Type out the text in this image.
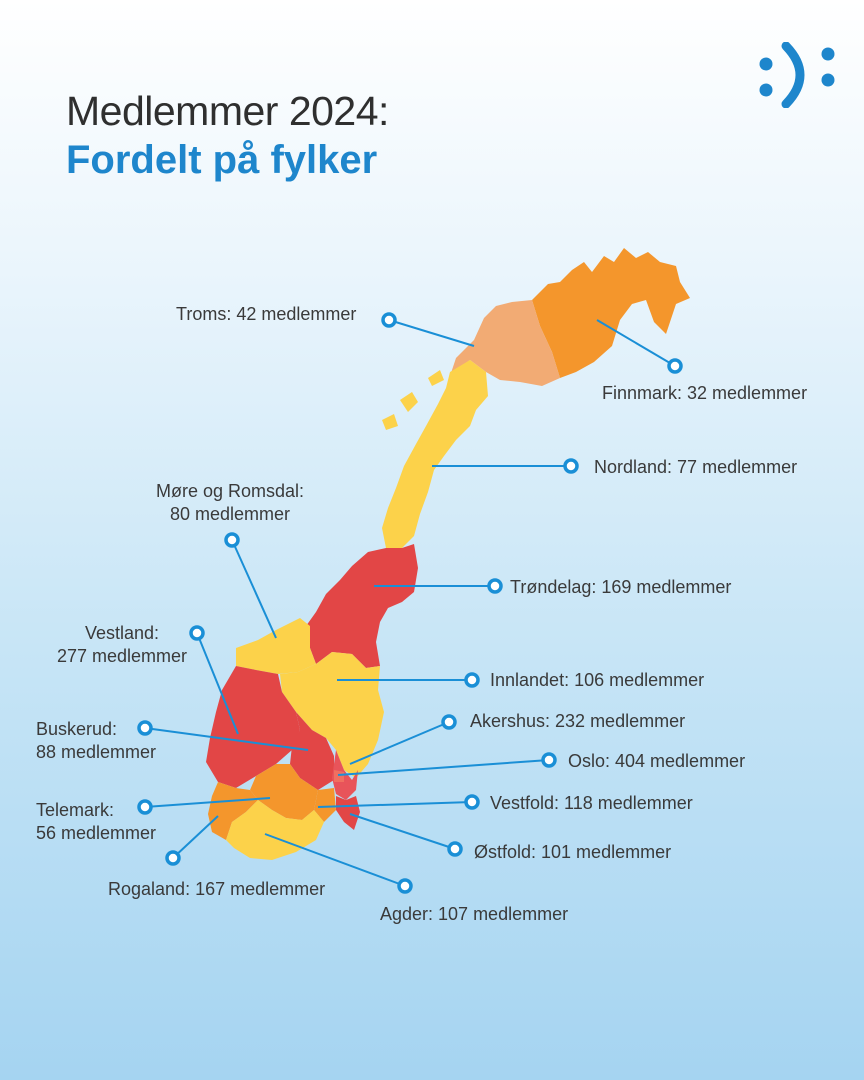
Medlemmer 2024:
Fordelt på fylker
Troms: 42 medlemmer
Finnmark: 32 medlemmer
Nordland: 77 medlemmer
Møre og Romsdal:
80 medlemmer
Trøndelag: 169 medlemmer
Vestland:
277 medlemmer
Innlandet: 106 medlemmer
Akershus: 232 medlemmer
Buskerud:
88 medlemmer	Oslo: 404 medlemmer
Vestfold: 118 medlemmer
Telemark:
56 medlemmer
Østfold: 101 medlemmer
Rogaland: 167 medlemmer
Agder: 107 medlemmer
